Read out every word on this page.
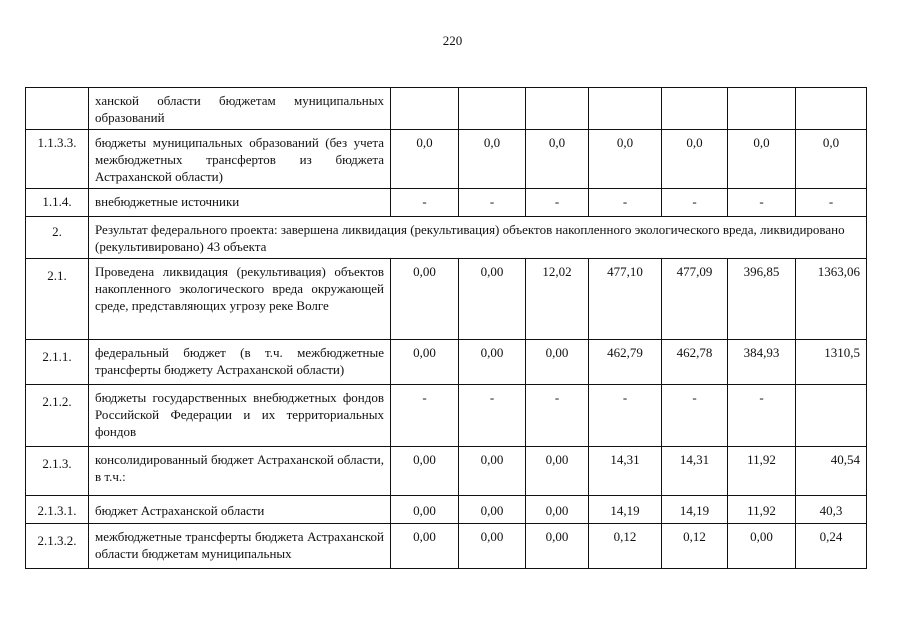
220
	ханской области бюджетам муниципальных образований							
1.1.3.3.	бюджеты муниципальных образований (без учета межбюджетных трансфертов из бюджета Астраханской области)	0,0	0,0	0,0	0,0	0,0	0,0	0,0
1.1.4.	внебюджетные источники	-	-	-	-	-	-	-
2.	Результат федерального проекта: завершена ликвидация (рекультивация) объектов накопленного экологического вреда, ликвидировано (рекультивировано) 43 объекта							
2.1.	Проведена ликвидация (рекультивация) объектов накопленного экологического вреда окружающей среде, представляющих угрозу реке Волге	0,00	0,00	12,02	477,10	477,09	396,85	1363,06
2.1.1.	федеральный бюджет (в т.ч. межбюджетные трансферты бюджету Астраханской области)	0,00	0,00	0,00	462,79	462,78	384,93	1310,5
2.1.2.	бюджеты государственных внебюджетных фондов Российской Федерации и их территориальных фондов	-	-	-	-	-	-	
2.1.3.	консолидированный бюджет Астраханской области, в т.ч.:	0,00	0,00	0,00	14,31	14,31	11,92	40,54
2.1.3.1.	бюджет Астраханской области	0,00	0,00	0,00	14,19	14,19	11,92	40,3
2.1.3.2.	межбюджетные трансферты бюджета Астраханской области бюджетам муниципальных	0,00	0,00	0,00	0,12	0,12	0,00	0,24
